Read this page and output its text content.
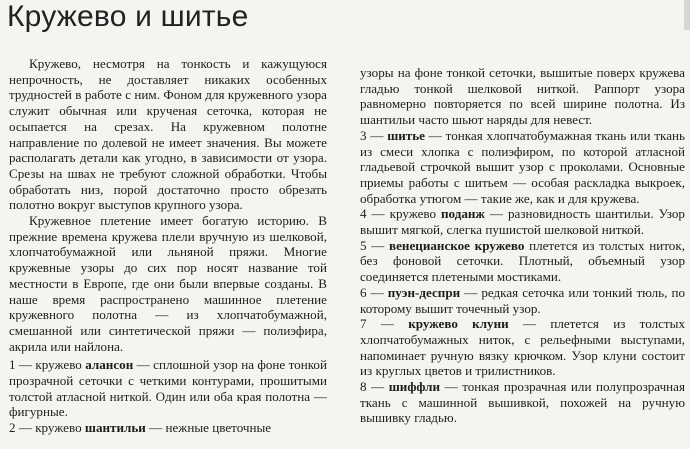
Кружево и шитье

Кружево, несмотря на тонкость и кажущуюся непрочность, не доставляет никаких особенных трудностей в работе с ним. Фоном для кружевного узора служит обычная или крученая сеточка, которая не осыпается на срезах. На кружевном полотне направление по долевой не имеет значения. Вы можете располагать детали как угодно, в зависимости от узора. Срезы на швах не требуют сложной обработки. Чтобы обработать низ, порой достаточно просто обрезать полотно вокруг выступов крупного узора.

Кружевное плетение имеет богатую историю. В прежние времена кружева плели вручную из шелковой, хлопчатобумажной или льняной пряжи. Многие кружевные узоры до сих пор носят название той местности в Европе, где они были впервые созданы. В наше время распространено машинное плетение кружевного полотна — из хлопчатобумажной, смешанной или синтетической пряжи — полиэфира, акрила или найлона.

1 — кружево алансон — сплошной узор на фоне тонкой прозрачной сеточки с четкими контурами, прошитыми толстой атласной ниткой. Один или оба края полотна — фигурные.

2 — кружево шантильи — нежные цветочные

узоры на фоне тонкой сеточки, вышитые поверх кружева гладью тонкой шелковой ниткой. Раппорт узора равномерно повторяется по всей ширине полотна. Из шантильи часто шьют наряды для невест.

3 — шитье — тонкая хлопчатобумажная ткань или ткань из смеси хлопка с полиэфиром, по которой атласной гладьевой строчкой вышит узор с проколами. Основные приемы работы с шитьем — особая раскладка выкроек, обработка утюгом — такие же, как и для кружева.

4 — кружево поданж — разновидность шантильи. Узор вышит мягкой, слегка пушистой шелковой ниткой.

5 — венецианское кружево плетется из толстых ниток, без фоновой сеточки. Плотный, объемный узор соединяется плетеными мостиками.

6 — пуэн-деспри — редкая сеточка или тонкий тюль, по которому вышит точечный узор.

7 — кружево клуни — плетется из толстых хлопчатобумажных ниток, с рельефными выступами, напоминает ручную вязку крючком. Узор клуни состоит из круглых цветов и трилистников.

8 — шиффли — тонкая прозрачная или полупрозрачная ткань с машинной вышивкой, похожей на ручную вышивку гладью.
